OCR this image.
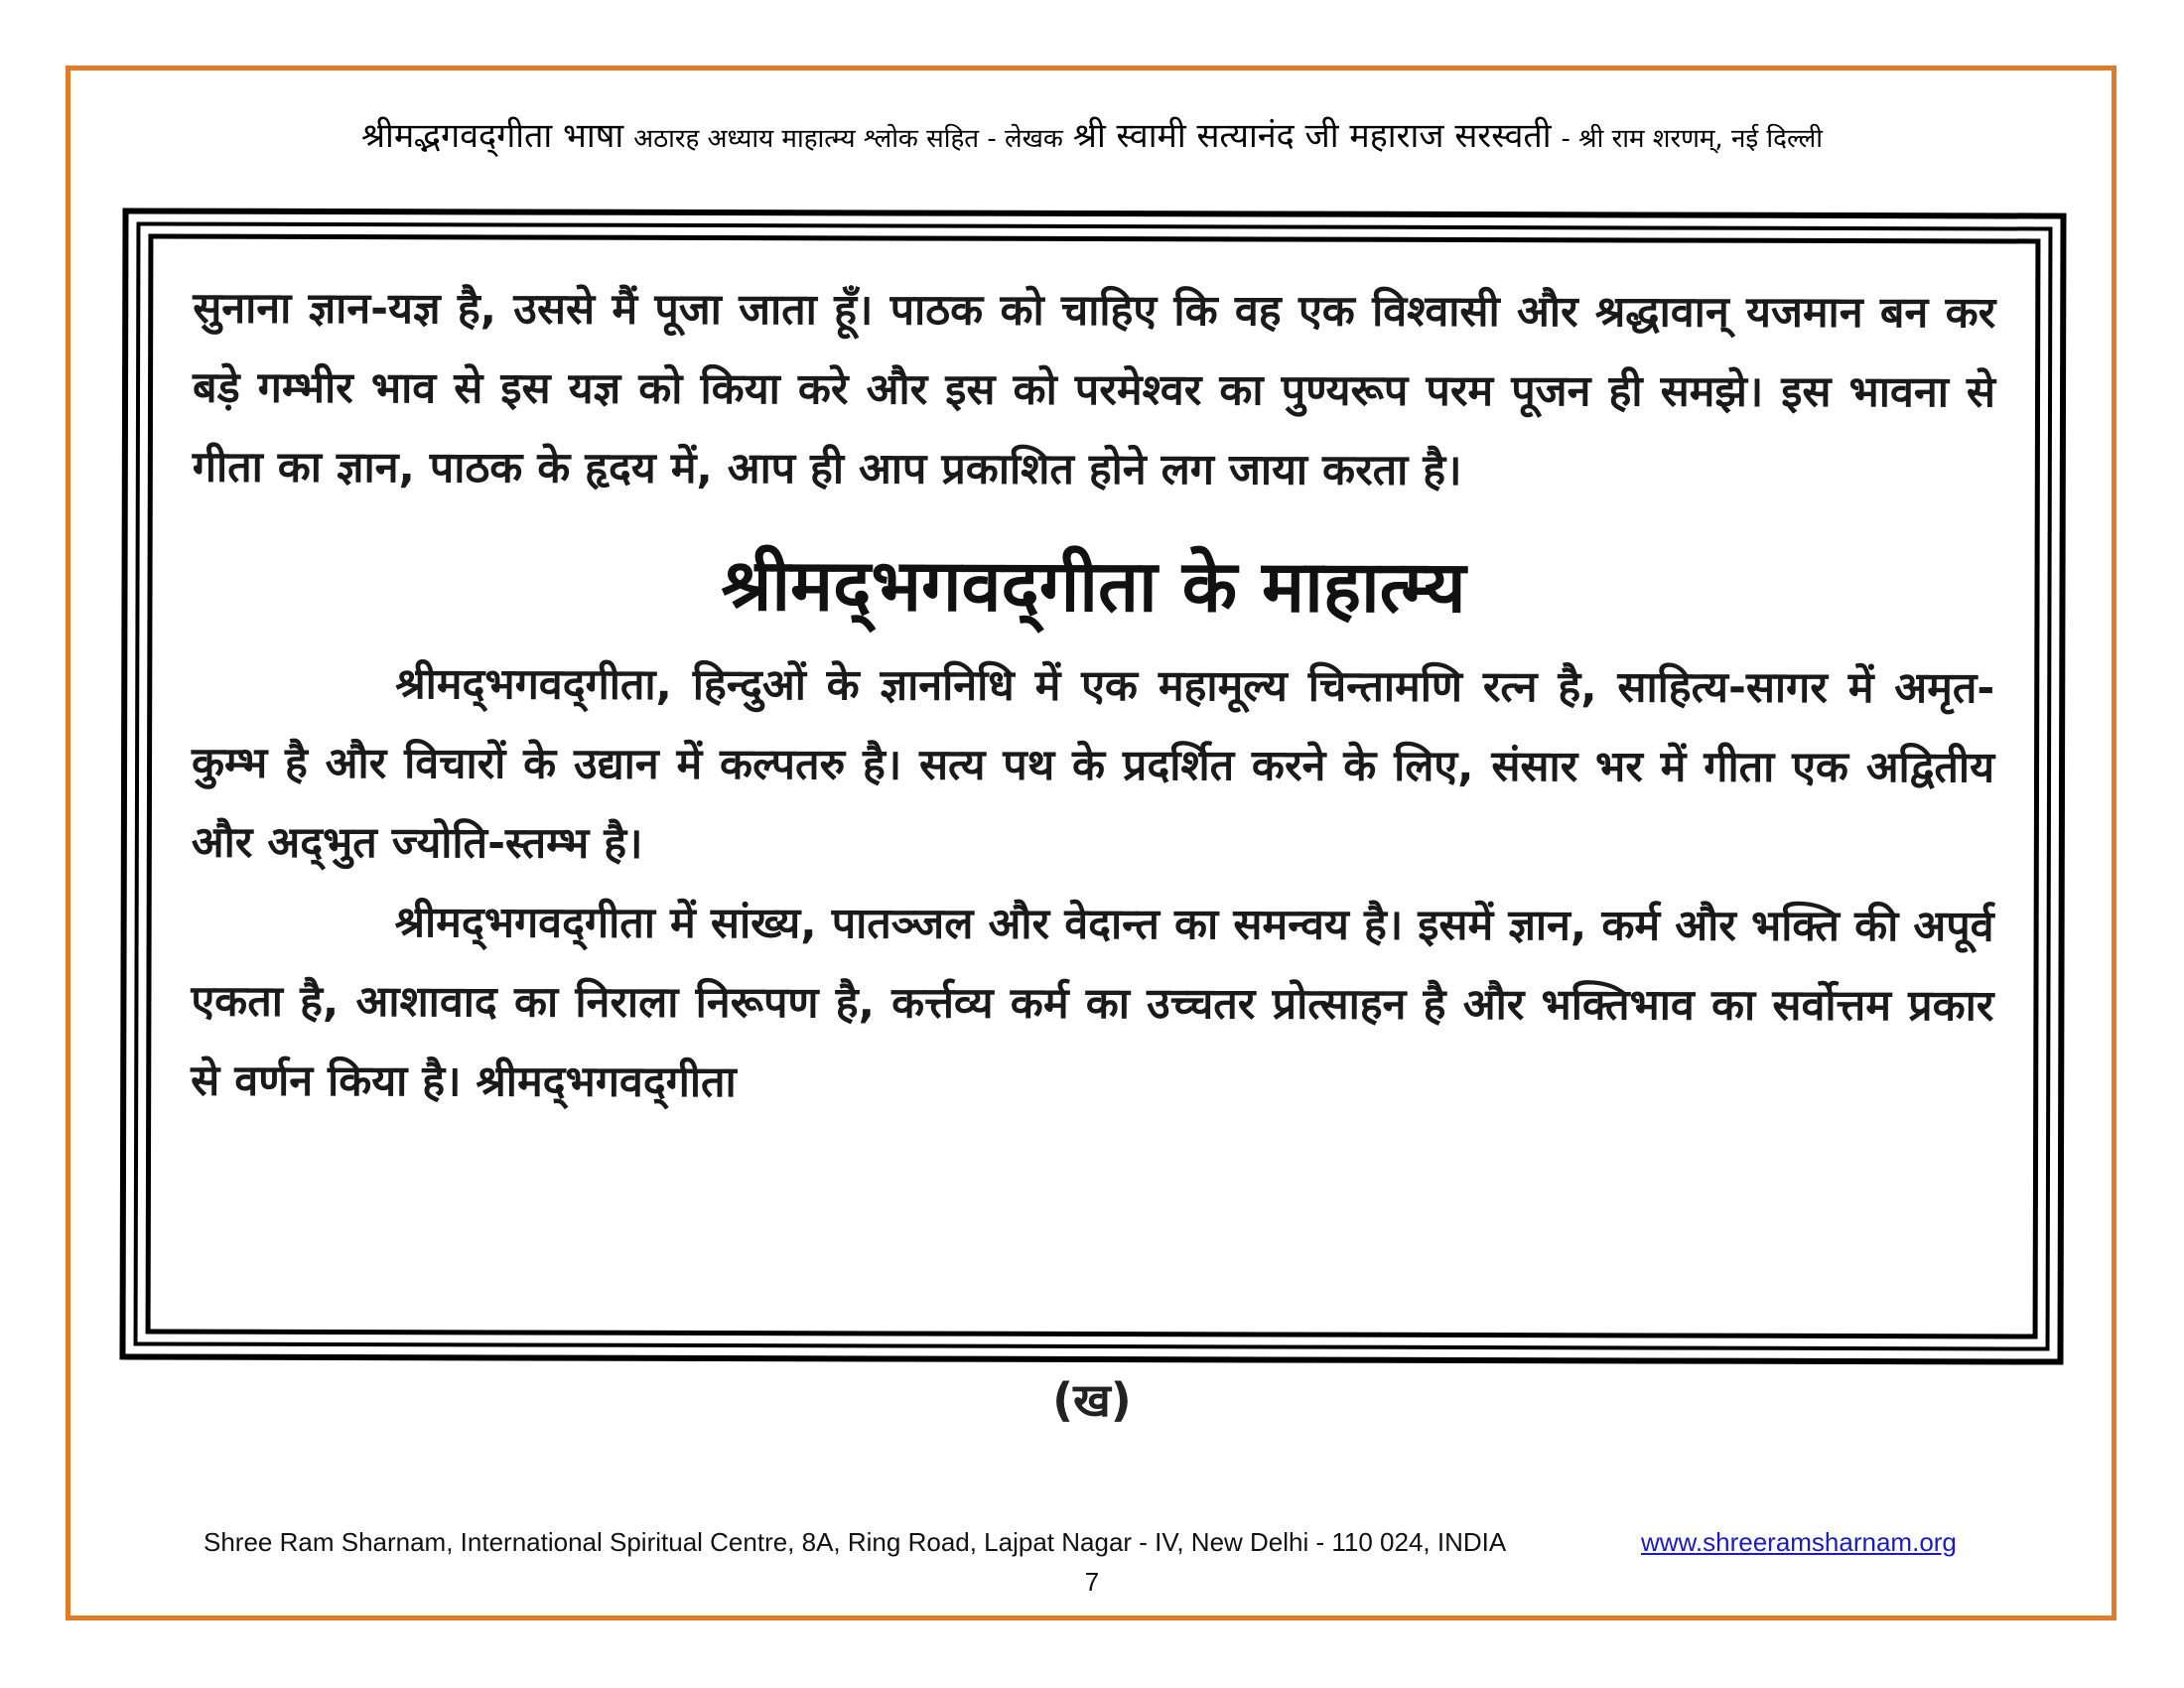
श्रीमद्भगवद्‌गीता भाषा अठारह अध्याय माहात्म्य श्लोक सहित - लेखक श्री स्वामी सत्यानंद जी महाराज सरस्वती - श्री राम शरणम्, नई दिल्ली

सुनाना ज्ञान-यज्ञ है, उससे मैं पूजा जाता हूँ। पाठक को चाहिए कि वह एक विश्वासी और श्रद्धावान् यजमान बन कर बड़े गम्भीर भाव से इस यज्ञ को किया करे और इस को परमेश्वर का पुण्यरूप परम पूजन ही समझे। इस भावना से गीता का ज्ञान, पाठक के हृदय में, आप ही आप प्रकाशित होने लग जाया करता है।

श्रीमद्‌भगवद्‌गीता के माहात्म्य

श्रीमद्‌भगवद्‌गीता, हिन्दुओं के ज्ञाननिधि में एक महामूल्य चिन्तामणि रत्न है, साहित्य-सागर में अमृत-कुम्भ है और विचारों के उद्यान में कल्पतरु है। सत्य पथ के प्रदर्शित करने के लिए, संसार भर में गीता एक अद्वितीय और अद्‌भुत ज्योति-स्तम्भ है।

श्रीमद्‌भगवद्‌गीता में सांख्य, पातञ्जल और वेदान्त का समन्वय है। इसमें ज्ञान, कर्म और भक्ति की अपूर्व एकता है, आशावाद का निराला निरूपण है, कर्त्तव्य कर्म का उच्चतर प्रोत्साहन है और भक्तिभाव का सर्वोत्तम प्रकार से वर्णन किया है। श्रीमद्‌भगवद्‌गीता

(ख)
Shree Ram Sharnam, International Spiritual Centre, 8A, Ring Road, Lajpat Nagar - IV, New Delhi - 110 024, INDIA	www.shreeramsharnam.org
7
